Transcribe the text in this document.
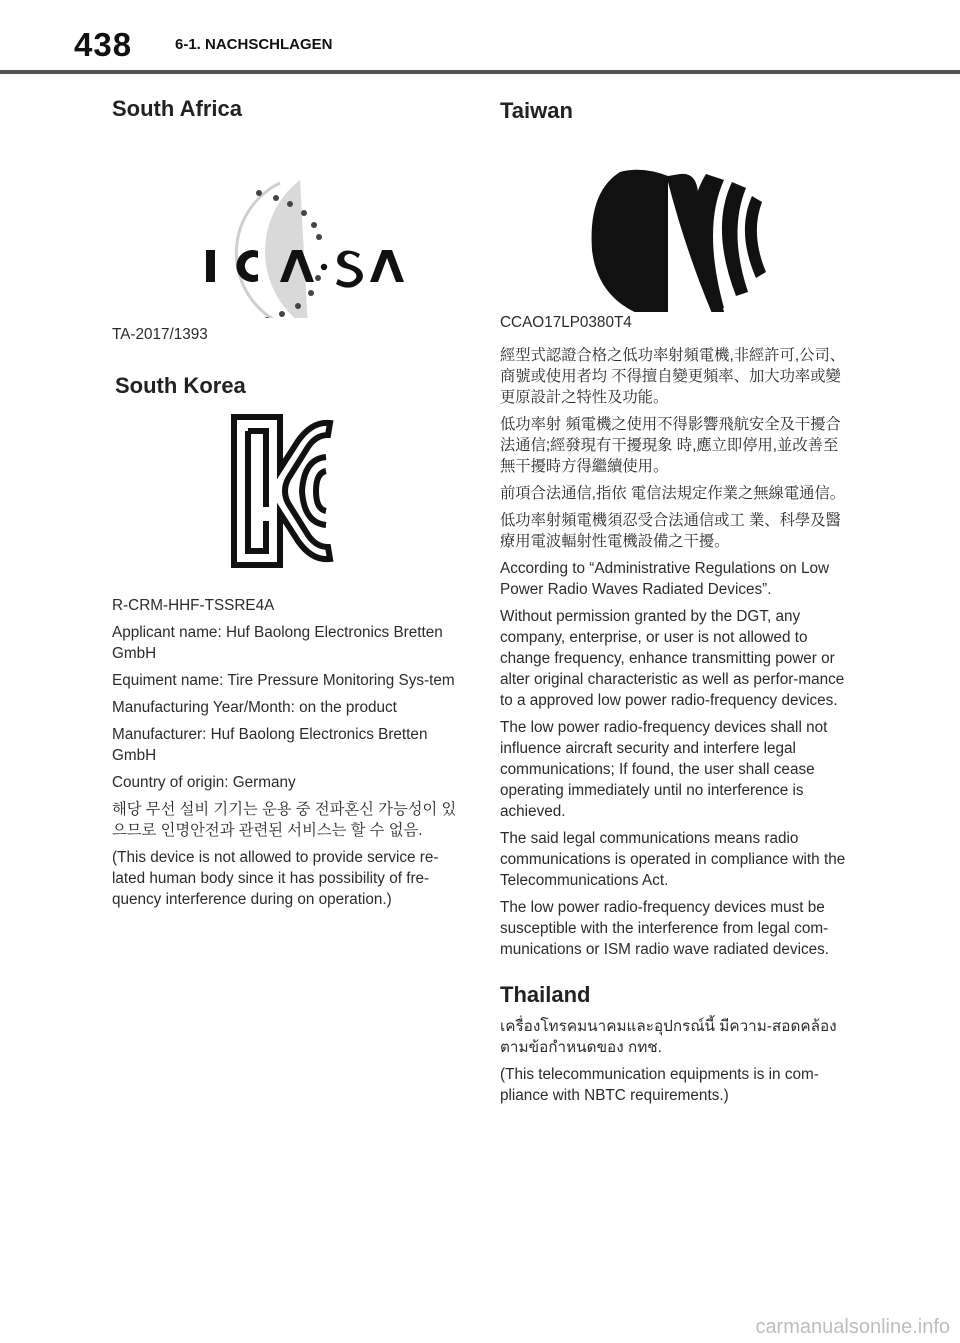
438	6-1. NACHSCHLAGEN
South Africa
TA-2017/1393
South Korea
R-CRM-HHF-TSSRE4A
Applicant name: Huf Baolong Electronics Bretten GmbH
Equiment name: Tire Pressure Monitoring Sys-tem
Manufacturing Year/Month: on the product
Manufacturer: Huf Baolong Electronics Bretten GmbH
Country of origin: Germany
해당 무선 설비 기기는 운용 중 전파혼신 가능성이 있으므로 인명안전과 관련된 서비스는 할 수 없음.
(This device is not allowed to provide service re-lated human body since it has possibility of fre-quency interference during on operation.)
Taiwan
CCAO17LP0380T4
經型式認證合格之低功率射頻電機,非經許可,公司、商號或使用者均 不得擅自變更頻率、加大功率或變更原設計之特性及功能。
低功率射 頻電機之使用不得影響飛航安全及干擾合法通信;經發現有干擾現象 時,應立即停用,並改善至無干擾時方得繼續使用。
前項合法通信,指依 電信法規定作業之無線電通信。
低功率射頻電機須忍受合法通信或工 業、科學及醫療用電波輻射性電機設備之干擾。
According to “Administrative Regulations on Low Power Radio Waves Radiated Devices”.
Without permission granted by the DGT, any company, enterprise, or user is not allowed to change frequency, enhance transmitting power or alter original characteristic as well as perfor-mance to a approved low power radio-frequency devices.
The low power radio-frequency devices shall not influence aircraft security and interfere legal communications; If found, the user shall cease operating immediately until no interference is achieved.
The said legal communications means radio communications is operated in compliance with the Telecommunications Act.
The low power radio-frequency devices must be susceptible with the interference from legal com-munications or ISM radio wave radiated devices.
Thailand
เครื่องโทรคมนาคมและอุปกรณ์นี้ มีความ-สอดคล้องตามข้อกำหนดของ กทช.
(This telecommunication equipments is in com-pliance with NBTC requirements.)
carmanualsonline.info
